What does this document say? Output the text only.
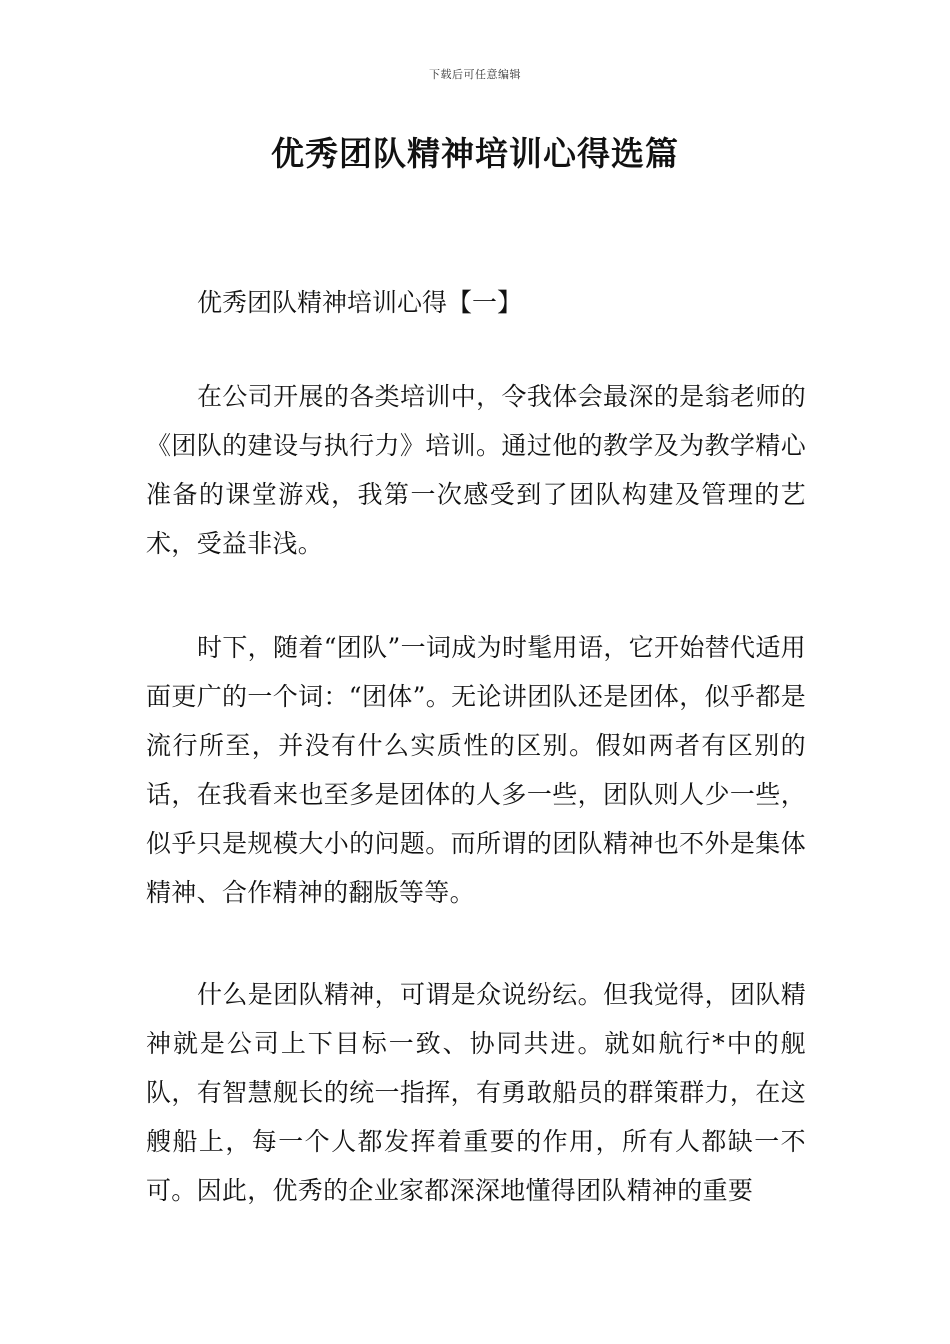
下载后可任意编辑
优秀团队精神培训心得选篇
优秀团队精神培训心得【一】

在公司开展的各类培训中，令我体会最深的是翁老师的《团队的建设与执行力》培训。通过他的教学及为教学精心准备的课堂游戏，我第一次感受到了团队构建及管理的艺术，受益非浅。

时下，随着“团队”一词成为时髦用语，它开始替代适用面更广的一个词：“团体”。无论讲团队还是团体，似乎都是流行所至，并没有什么实质性的区别。假如两者有区别的话，在我看来也至多是团体的人多一些，团队则人少一些，似乎只是规模大小的问题。而所谓的团队精神也不外是集体精神、合作精神的翻版等等。

什么是团队精神，可谓是众说纷纭。但我觉得，团队精神就是公司上下目标一致、协同共进。就如航行*中的舰队，有智慧舰长的统一指挥，有勇敢船员的群策群力，在这艘船上，每一个人都发挥着重要的作用，所有人都缺一不可。因此，优秀的企业家都深深地懂得团队精神的重要
